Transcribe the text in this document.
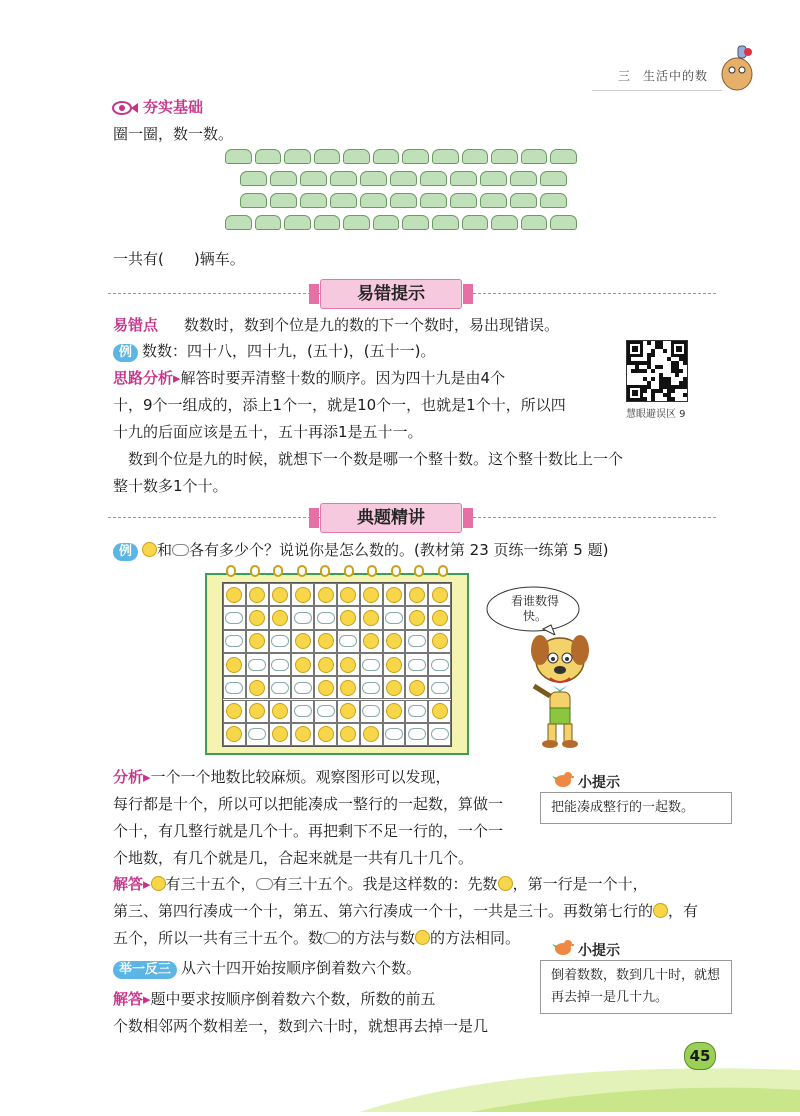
三 生活中的数
夯实基础
圈一圈，数一数。
一共有(　　)辆车。
易错提示
易错点 数数时，数到个位是九的数的下一个数时，易出现错误。
例 数数：四十八，四十九，(五十)，(五十一)。
思路分析▸解答时要弄清整十数的顺序。因为四十九是由4个
十，9个一组成的，添上1个一，就是10个一，也就是1个十，所以四
十九的后面应该是五十，五十再添1是五十一。
慧眼避误区 9
数到个位是九的时候，就想下一个数是哪一个整十数。这个整十数比上一个
整十数多1个十。
典题精讲
例 和 各有多少个？说说你是怎么数的。(教材第 23 页练一练第 5 题)
看谁数得快。
分析▸一个一个地数比较麻烦。观察图形可以发现，
每行都是十个，所以可以把能凑成一整行的一起数，算做一
个十，有几整行就是几个十。再把剩下不足一行的，一个一
个地数，有几个就是几，合起来就是一共有几十几个。
小提示
把能凑成整行的一起数。
解答▸ 有三十五个， 有三十五个。我是这样数的：先数 ，第一行是一个十，
第三、第四行凑成一个十，第五、第六行凑成一个十，一共是三十。再数第七行的 ，有
五个，所以一共有三十五个。数 的方法与数 的方法相同。
举一反三 从六十四开始按顺序倒着数六个数。
小提示
倒着数数，数到几十时，就想再去掉一是几十九。
解答▸题中要求按顺序倒着数六个数，所数的前五
个数相邻两个数相差一，数到六十时，就想再去掉一是几
45
